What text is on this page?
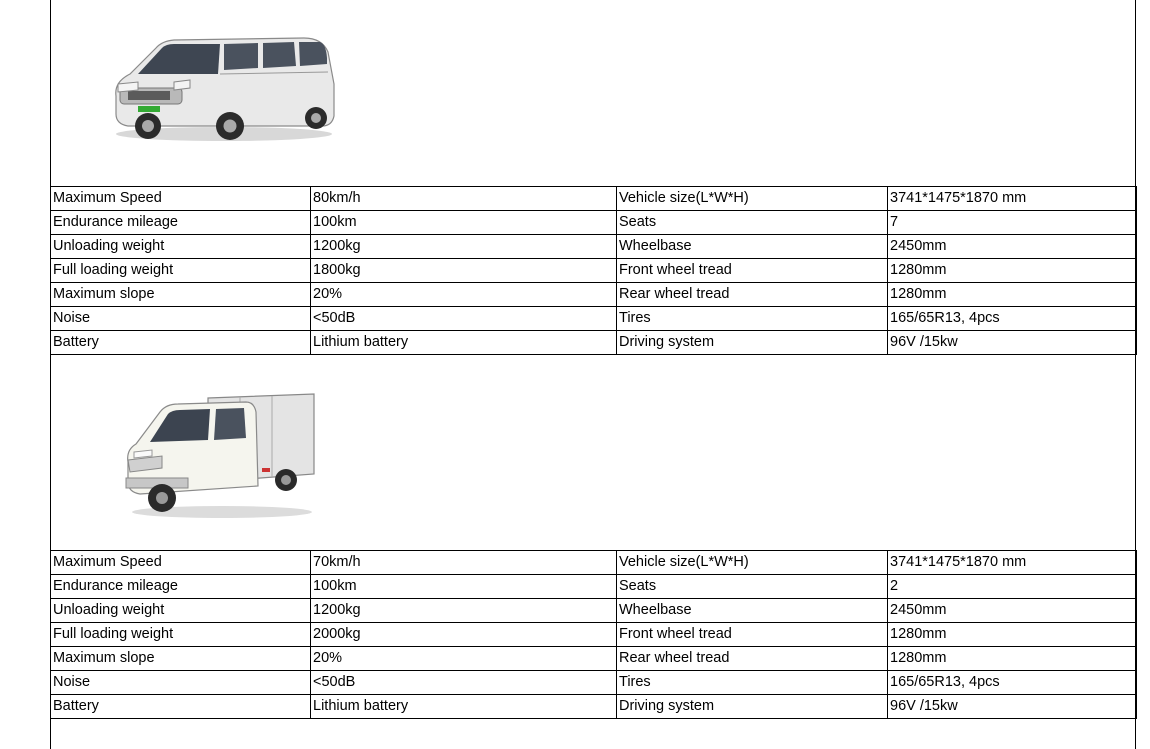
Maximum Speed	80km/h	Vehicle size(L*W*H)	3741*1475*1870 mm
Endurance mileage	100km	Seats	7
Unloading weight	1200kg	Wheelbase	2450mm
Full loading weight	1800kg	Front wheel tread	1280mm
Maximum slope	20%	Rear wheel tread	1280mm
Noise	<50dB	Tires	165/65R13, 4pcs
Battery	Lithium battery	Driving system	96V /15kw
Maximum Speed	70km/h	Vehicle size(L*W*H)	3741*1475*1870 mm
Endurance mileage	100km	Seats	2
Unloading weight	1200kg	Wheelbase	2450mm
Full loading weight	2000kg	Front wheel tread	1280mm
Maximum slope	20%	Rear wheel tread	1280mm
Noise	<50dB	Tires	165/65R13, 4pcs
Battery	Lithium battery	Driving system	96V /15kw
